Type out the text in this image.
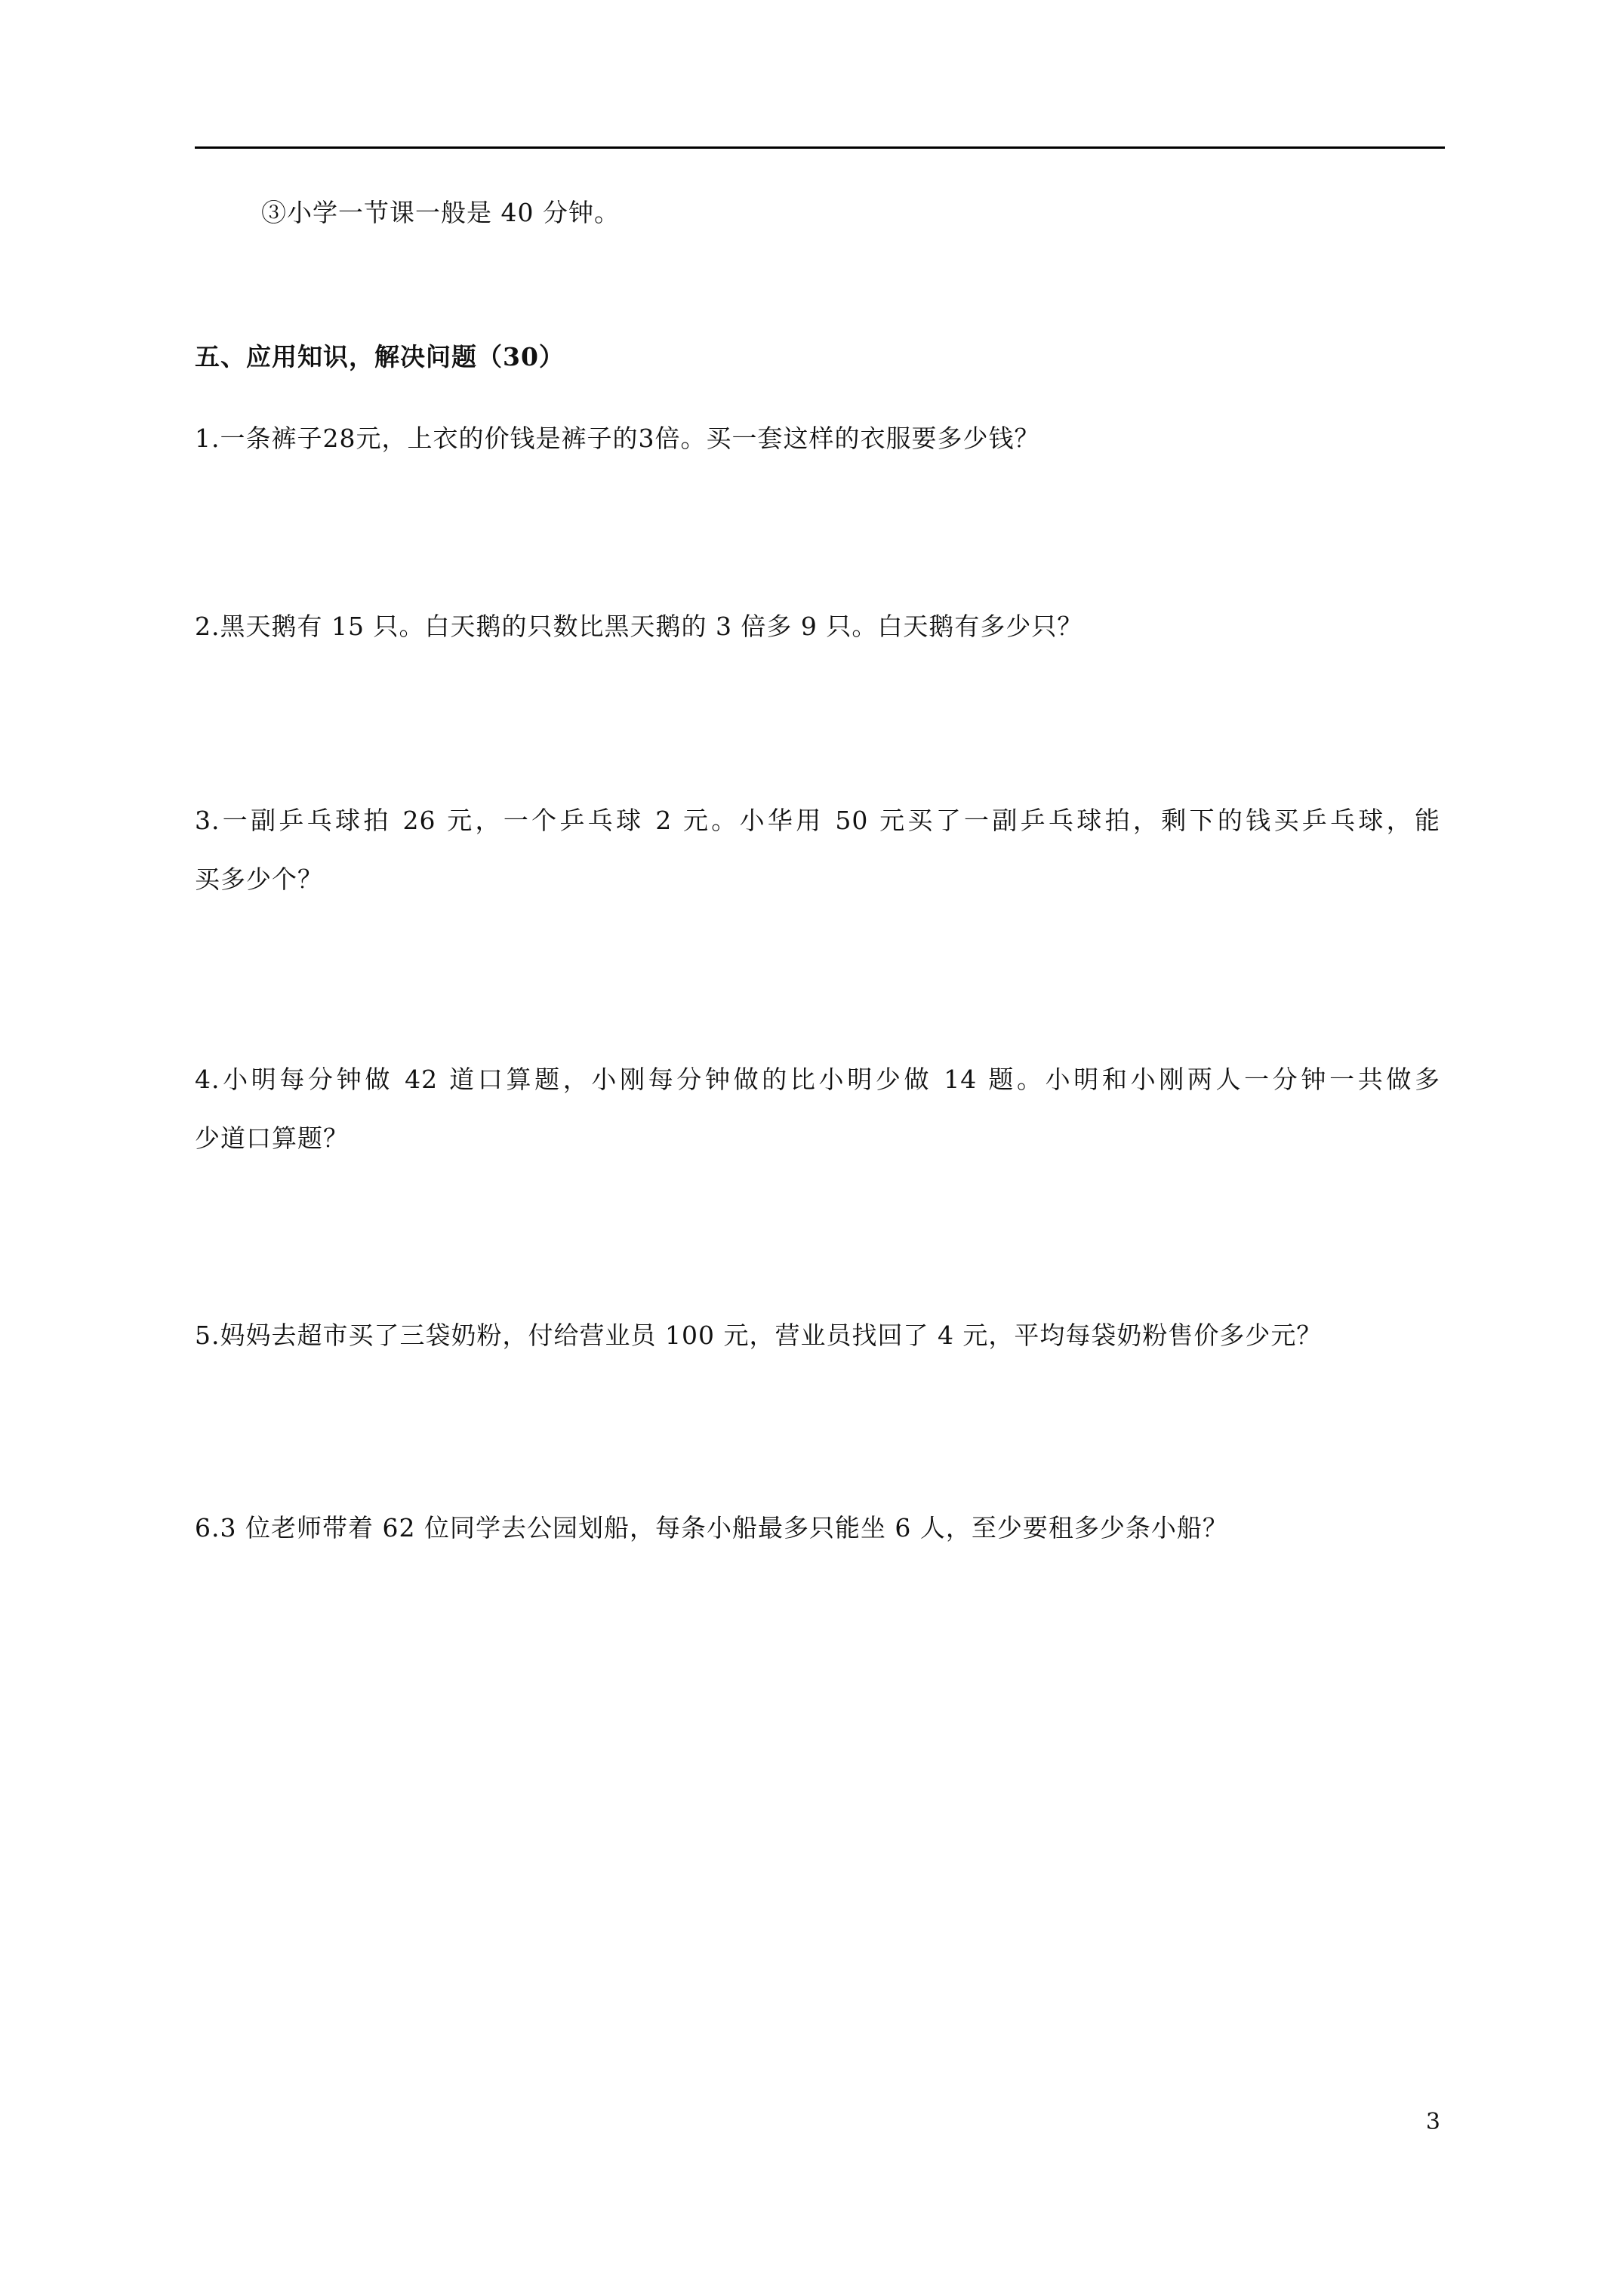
③小学一节课一般是 40 分钟。
五、应用知识，解决问题（30）
1.一条裤子28元，上衣的价钱是裤子的3倍。买一套这样的衣服要多少钱？
2.黑天鹅有 15 只。白天鹅的只数比黑天鹅的 3 倍多 9 只。白天鹅有多少只？
3.一副乒乓球拍 26 元，一个乒乓球 2 元。小华用 50 元买了一副乒乓球拍，剩下的钱买乒乓球，能
买多少个？
4.小明每分钟做 42 道口算题，小刚每分钟做的比小明少做 14 题。小明和小刚两人一分钟一共做多
少道口算题？
5.妈妈去超市买了三袋奶粉，付给营业员 100 元，营业员找回了 4 元，平均每袋奶粉售价多少元？
6.3 位老师带着 62 位同学去公园划船，每条小船最多只能坐 6 人，至少要租多少条小船？
3
